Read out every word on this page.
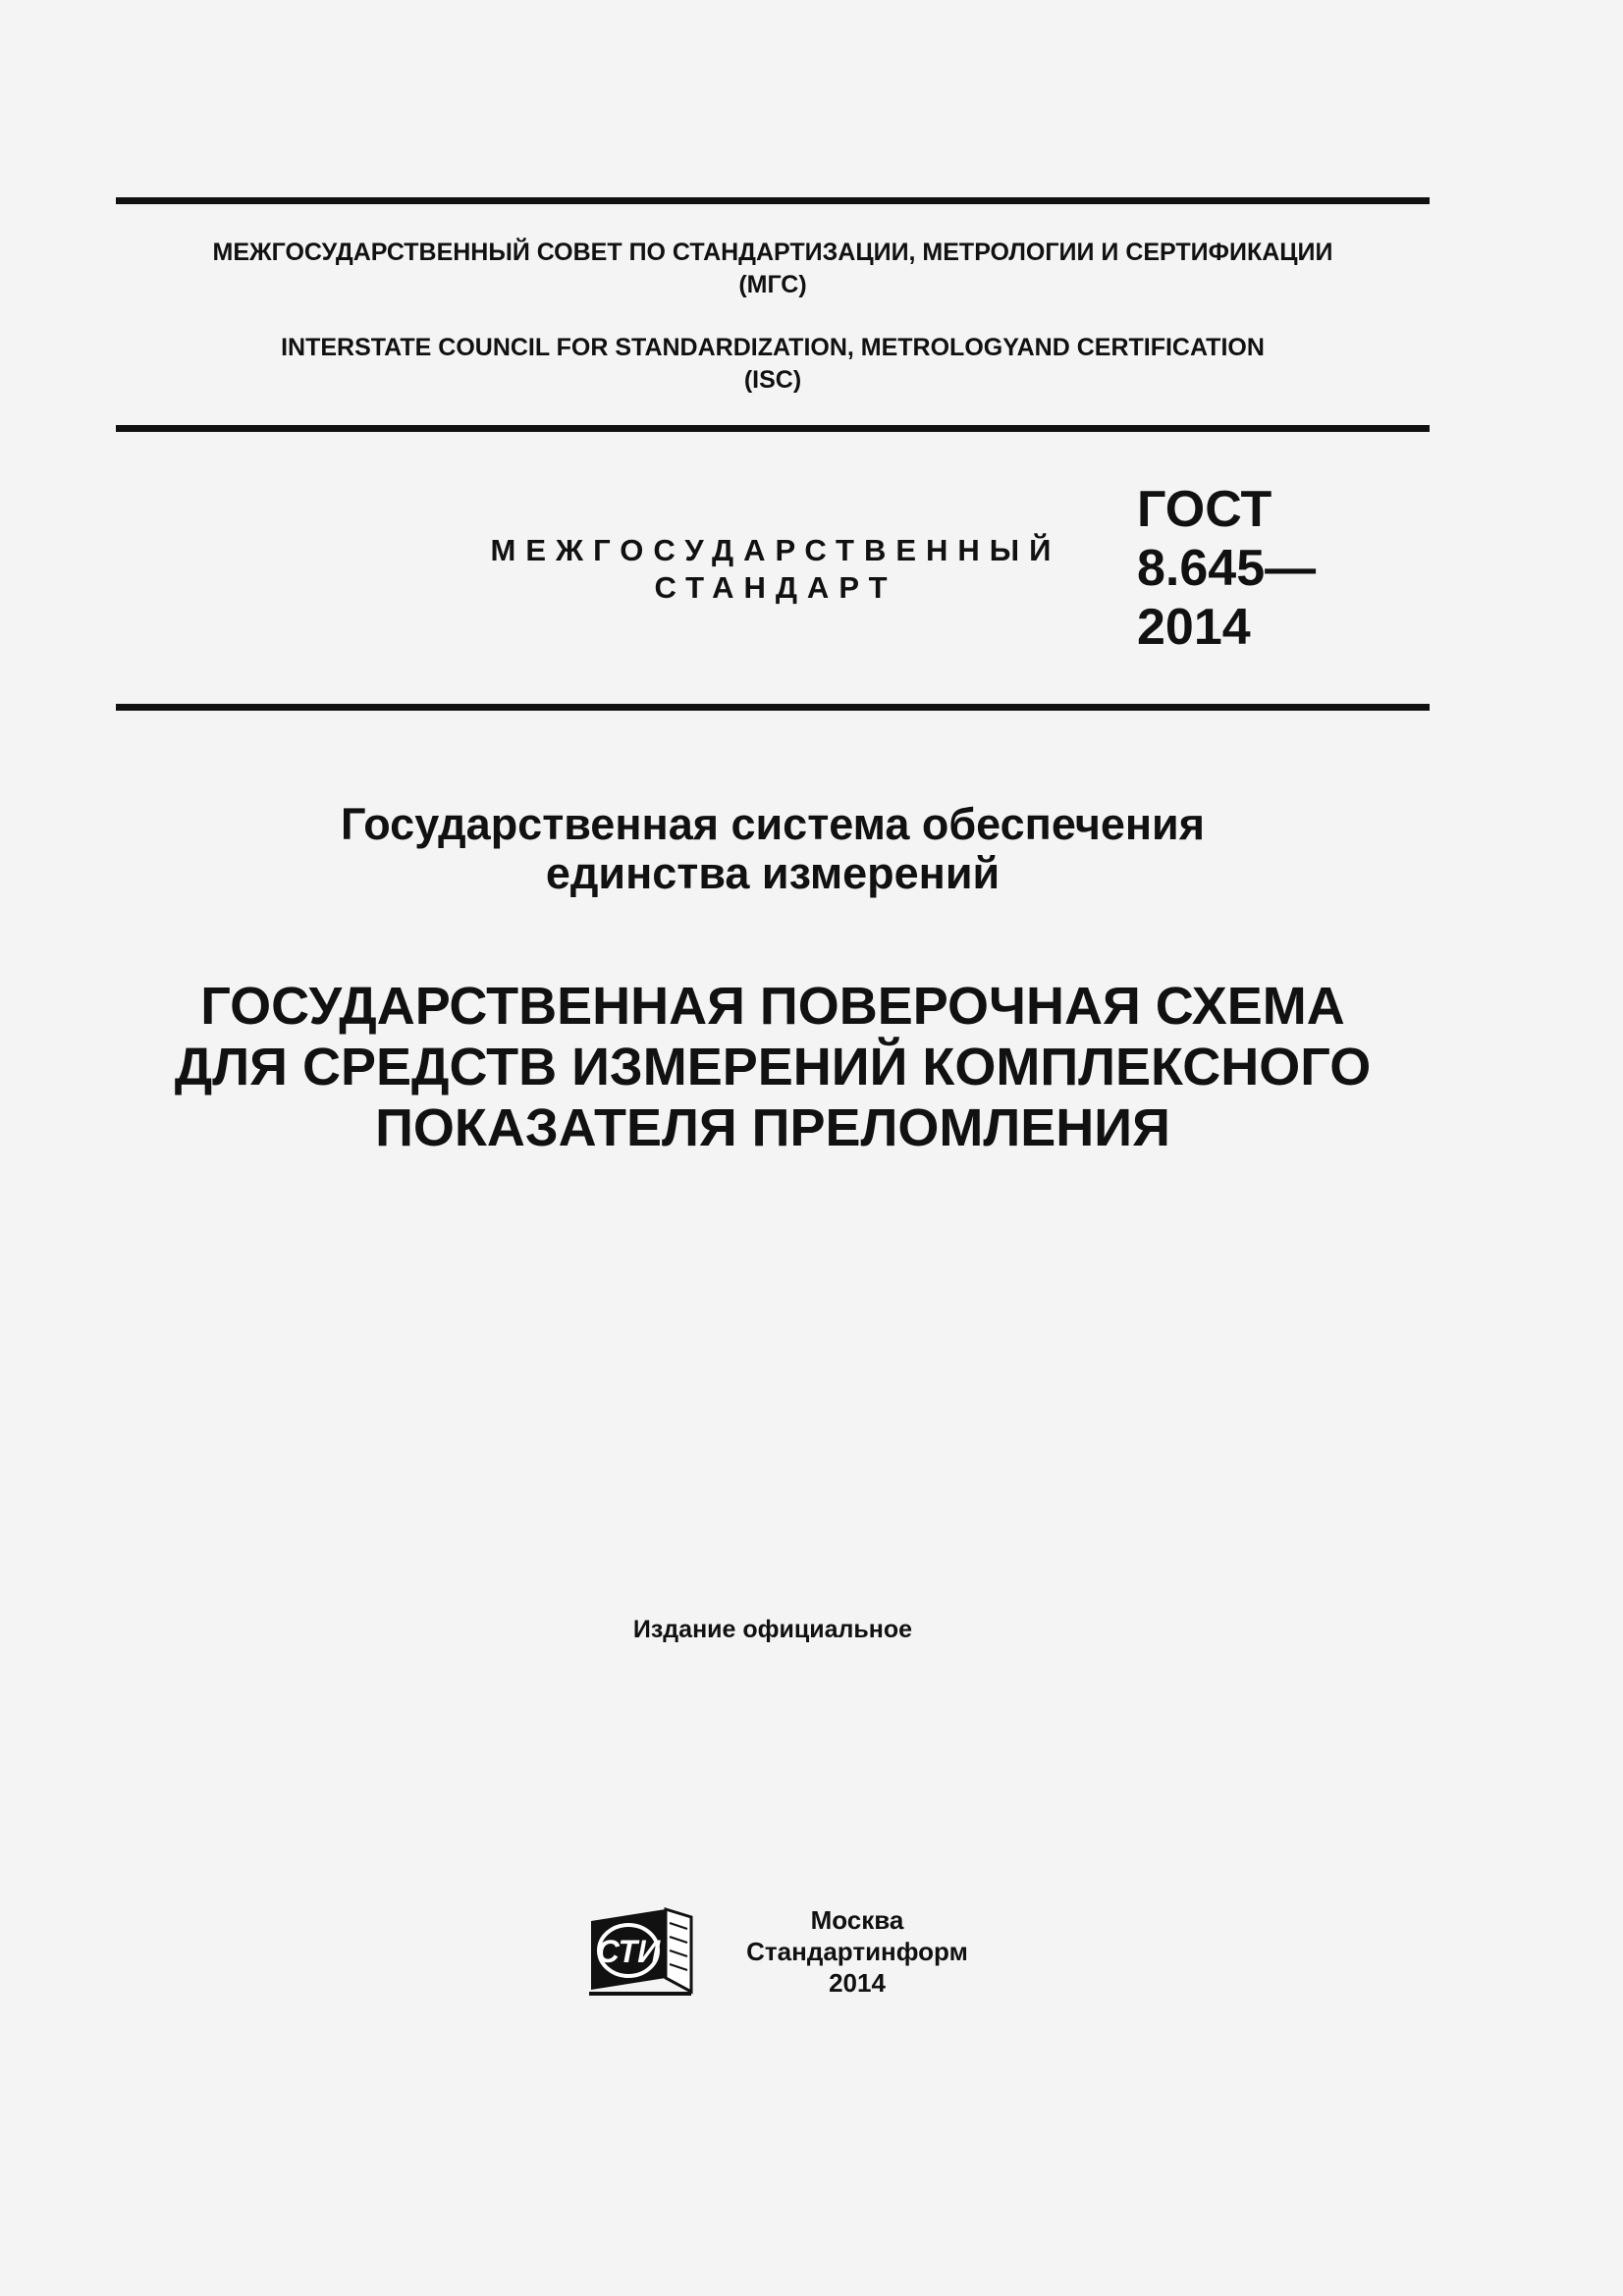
МЕЖГОСУДАРСТВЕННЫЙ СОВЕТ ПО СТАНДАРТИЗАЦИИ, МЕТРОЛОГИИ И СЕРТИФИКАЦИИ
(МГС)
INTERSTATE COUNCIL FOR STANDARDIZATION, METROLOGYAND CERTIFICATION
(ISC)
МЕЖГОСУДАРСТВЕННЫЙ
СТАНДАРТ
ГОСТ
8.645—
2014
Государственная система обеспечения
единства измерений
ГОСУДАРСТВЕННАЯ ПОВЕРОЧНАЯ СХЕМА
ДЛЯ СРЕДСТВ ИЗМЕРЕНИЙ КОМПЛЕКСНОГО
ПОКАЗАТЕЛЯ ПРЕЛОМЛЕНИЯ
Издание официальное
СТИ
Москва
Стандартинформ
2014
